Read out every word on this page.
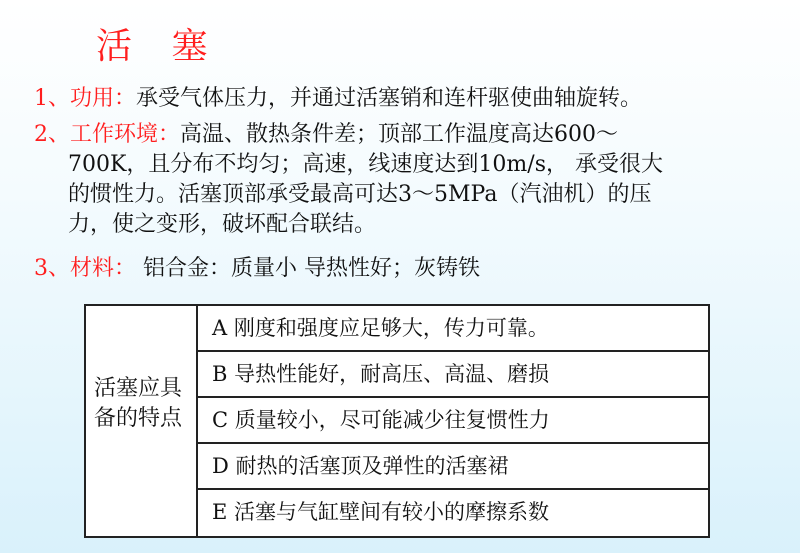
活 塞
1、功用：承受气体压力，并通过活塞销和连杆驱使曲轴旋转。
2、工作环境：高温、散热条件差；顶部工作温度高达600～
700K，且分布不均匀；高速，线速度达到10m/s， 承受很大
的惯性力。活塞顶部承受最高可达3～5MPa（汽油机）的压
力，使之变形，破坏配合联结。
3、材料： 铝合金：质量小 导热性好；灰铸铁
活塞应具备的特点
A 刚度和强度应足够大，传力可靠。
B 导热性能好，耐高压、高温、磨损
C 质量较小，尽可能减少往复惯性力
D 耐热的活塞顶及弹性的活塞裙
E 活塞与气缸壁间有较小的摩擦系数
